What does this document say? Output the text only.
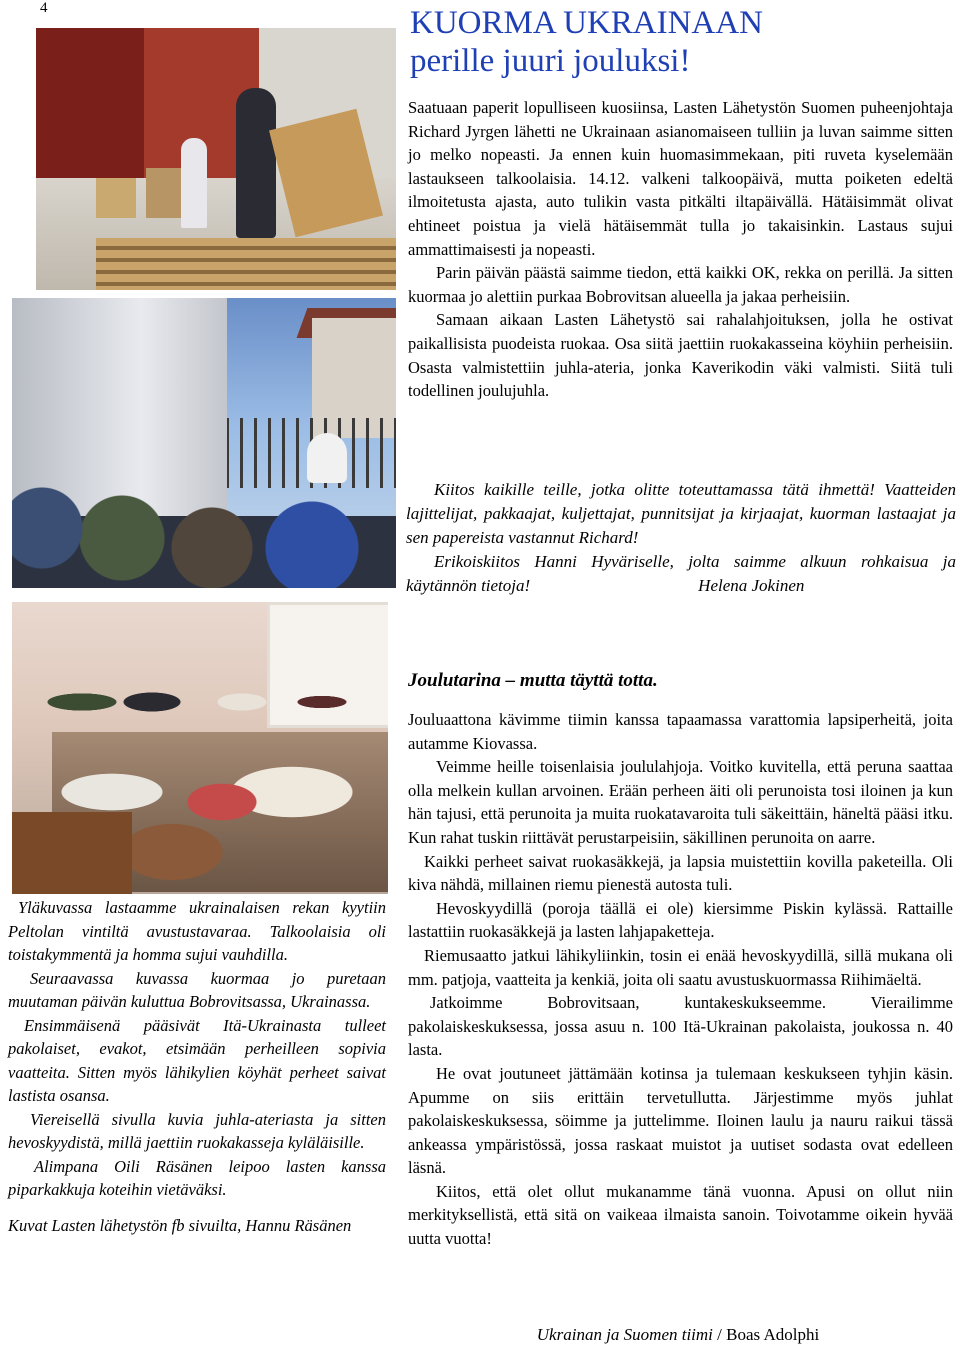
4	KUORMA UKRAINAAN
perille juuri jouluksi!

Saatuaan paperit lopulliseen kuosiinsa, Lasten Lähetystön Suomen puheenjohtaja Richard Jyrgen lähetti ne Ukrainaan asianomaiseen tulliin ja luvan saimme sitten jo melko nopeasti. Ja ennen kuin huomasimmekaan, piti ruveta kyselemään lastaukseen talkoolaisia. 14.12. valkeni talkoopäivä, mutta poiketen edeltä ilmoitetusta ajasta, auto tulikin vasta pitkälti iltapäivällä. Hätäisimmät olivat ehtineet poistua ja vielä hätäisemmät tulla jo takaisinkin. Lastaus sujui ammattimaisesti ja nopeasti.

Parin päivän päästä saimme tiedon, että kaikki OK, rekka on perillä. Ja sitten kuormaa jo alettiin purkaa Bobrovitsan alueella ja jakaa perheisiin.

Samaan aikaan Lasten Lähetystö sai rahalahjoituksen, jolla he ostivat paikallisista puodeista ruokaa. Osa siitä jaettiin ruokakasseina köyhiin perheisiin. Osasta valmistettiin juhla-ateria, jonka Kaverikodin väki valmisti. Siitä tuli todellinen joulujuhla.

Kiitos kaikille teille, jotka olitte toteuttamassa tätä ihmettä! Vaatteiden lajittelijat, pakkaajat, kuljettajat, punnitsijat ja kirjaajat, kuorman lastaajat ja sen papereista vastannut Richard!

Erikoiskiitos Hanni Hyväriselle, jolta saimme alkuun rohkaisua ja käytännön tietoja!	Helena Jokinen

Joulutarina – mutta täyttä totta.

Jouluaattona kävimme tiimin kanssa tapaamassa varattomia lapsiperheitä, joita autamme Kiovassa.

Veimme heille toisenlaisia joululahjoja. Voitko kuvitella, että peruna saattaa olla melkein kullan arvoinen. Erään perheen äiti oli perunoista tosi iloinen ja kun hän tajusi, että perunoita ja muita ruokatavaroita tuli säkeittäin, häneltä pääsi itku. Kun rahat tuskin riittävät perustarpeisiin, säkillinen perunoita on aarre.

Kaikki perheet saivat ruokasäkkejä, ja lapsia muistettiin kovilla paketeilla. Oli kiva nähdä, millainen riemu pienestä autosta tuli.

Hevoskyydillä (poroja täällä ei ole) kiersimme Piskin kylässä. Rattaille lastattiin ruokasäkkejä ja lasten lahjapaketteja.

Riemusaatto jatkui lähikyliinkin, tosin ei enää hevoskyydillä, sillä mukana oli mm. patjoja, vaatteita ja kenkiä, joita oli saatu avustuskuormassa Riihimäeltä.

Jatkoimme Bobrovitsaan, kuntakeskukseemme. Vierailimme pakolaiskeskuksessa, jossa asuu n. 100 Itä-Ukrainan pakolaista, joukossa n. 40 lasta.

He ovat joutuneet jättämään kotinsa ja tulemaan keskukseen tyhjin käsin. Apumme on siis erittäin tervetullutta. Järjestimme myös juhlat pakolaiskeskuksessa, söimme ja juttelimme. Iloinen laulu ja nauru raikui tässä ankeassa ympäristössä, jossa raskaat muistot ja uutiset sodasta ovat edelleen läsnä.

Kiitos, että olet ollut mukanamme tänä vuonna. Apusi on ollut niin merkityksellistä, että sitä on vaikeaa ilmaista sanoin. Toivotamme oikein hyvää uutta vuotta!

Ukrainan ja Suomen tiimi / Boas Adolphi

Yläkuvassa lastaamme ukrainalaisen rekan kyytiin Peltolan vintiltä avustustavaraa. Talkoolaisia oli toistakymmentä ja homma sujui vauhdilla.

Seuraavassa kuvassa kuormaa jo puretaan muutaman päivän kuluttua Bobrovitsassa, Ukrainassa.

Ensimmäisenä pääsivät Itä-Ukrainasta tulleet pakolaiset, evakot, etsimään perheilleen sopivia vaatteita. Sitten myös lähikylien köyhät perheet saivat lastista osansa.

Viereisellä sivulla kuvia juhla-ateriasta ja sitten hevoskyydistä, millä jaettiin ruokakasseja kyläläisille.

Alimpana Oili Räsänen leipoo lasten kanssa piparkakkuja koteihin vietäväksi.

Kuvat Lasten lähetystön fb sivuilta, Hannu Räsänen
